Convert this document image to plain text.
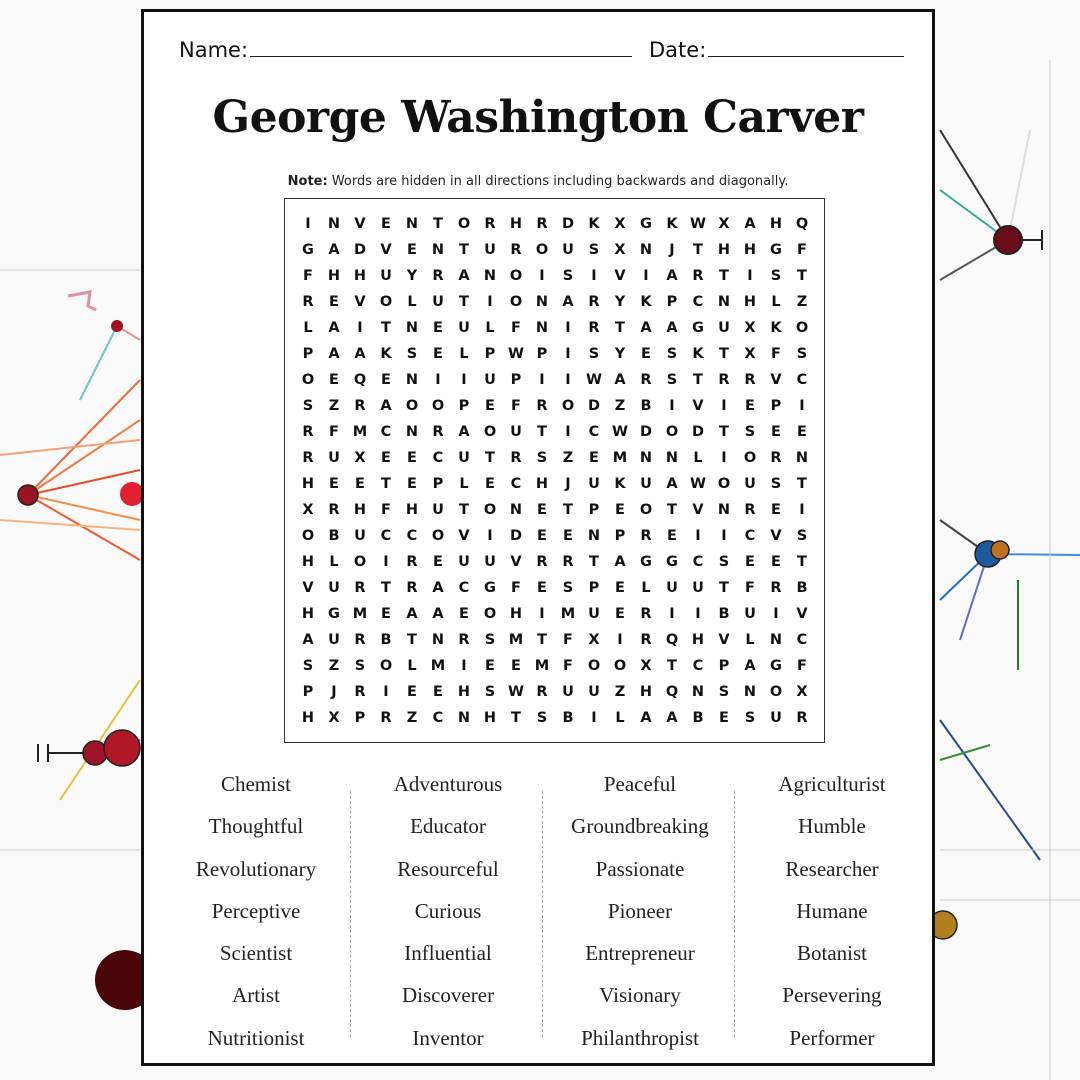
Name:	Date:
George Washington Carver
Note: Words are hidden in all directions including backwards and diagonally.
I	N V	E	N	T	O R H R D K	X G K W X	A H Q
G A D V	E	N	T	U	R O U	S	X N	J	T	H H G	F
F	H H U	Y	R	A N O	I	S	I	V	I	A	R	T	I	S	T
R	E	V O	L	U	T	I	O N A	R	Y	K	P	C	N H	L	Z
L	A	I	T	N	E	U	L	F	N	I	R	T	A	A G U	X	K O
P	A	A	K	S	E	L	P W P	I	S	Y	E	S	K	T	X	F	S
O	E	Q	E	N	I	I	U	P	I	I	W A	R	S	T	R	R	V	C
S	Z	R	A O O	P	E	F	R O D	Z	B	I	V	I	E	P	I
R	F M C	N R	A O U	T	I	C W D O D	T	S	E	E
R	U	X	E	E	C	U	T	R	S	Z	E M N N	L	I	O R N
H	E	E	T	E	P	L	E	C	H	J	U K U A W O U	S	T
X	R H	F	H U	T	O N	E	T	P	E	O	T	V N R	E	I
O B	U	C	C	O V	I	D	E	E	N	P	R	E	I	I	C	V	S
H	L	O	I	R	E	U U V	R	R	T	A G G	C	S	E	E	T
V	U	R	T	R	A	C	G	F	E	S	P	E	L	U U	T	F	R	B
H G M E	A	A	E	O H	I	M U	E	R	I	I	B	U	I	V
A	U	R	B	T	N R	S M T	F	X	I	R Q H V	L	N	C
S	Z	S	O	L M	I	E	E M F	O O X	T	C	P	A G	F
P	J	R	I	E	E	H	S W R	U U	Z	H Q N	S	N O X
H X	P	R	Z	C	N H	T	S	B	I	L	A	A	B	E	S	U	R
Chemist
Thoughtful
Revolutionary
Perceptive
Scientist
Artist
Nutritionist
Adventurous
Educator
Resourceful
Curious
Influential
Discoverer
Inventor
Peaceful
Groundbreaking
Passionate
Pioneer
Entrepreneur
Visionary
Philanthropist
Agriculturist
Humble
Researcher
Humane
Botanist
Persevering
Performer
